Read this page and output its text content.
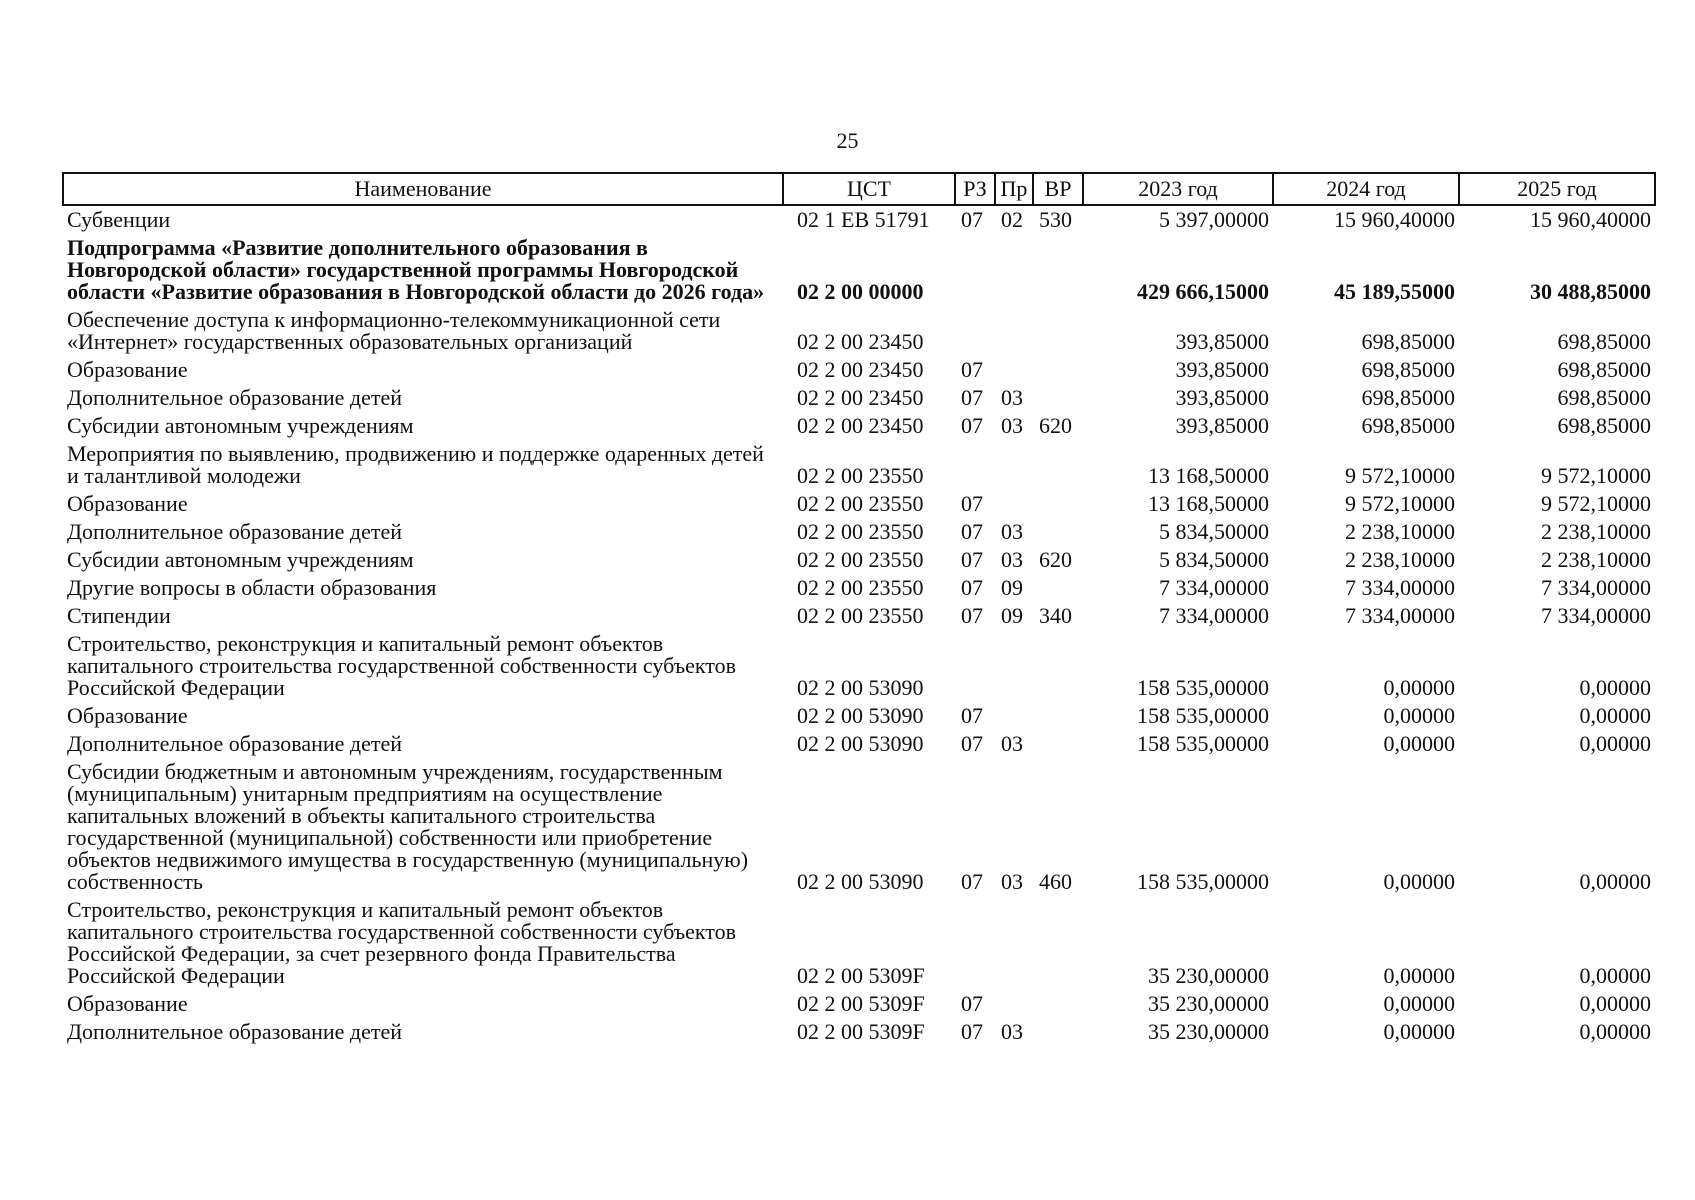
25
Наименование	ЦСТ	РЗ	Пр	ВР	2023 год	2024 год	2025 год
Субвенции	02 1 ЕВ 51791	07	02	530	5 397,00000	15 960,40000	15 960,40000
Подпрограмма «Развитие дополнительного образования в Новгородской области» государственной программы Новгородской области «Развитие образования в Новгородской области до 2026 года»	02 2 00 00000				429 666,15000	45 189,55000	30 488,85000
Обеспечение доступа к информационно-телекоммуникационной сети «Интернет» государственных образовательных организаций	02 2 00 23450				393,85000	698,85000	698,85000
Образование	02 2 00 23450	07			393,85000	698,85000	698,85000
Дополнительное образование детей	02 2 00 23450	07	03		393,85000	698,85000	698,85000
Субсидии автономным учреждениям	02 2 00 23450	07	03	620	393,85000	698,85000	698,85000
Мероприятия по выявлению, продвижению и поддержке одаренных детей и талантливой молодежи	02 2 00 23550				13 168,50000	9 572,10000	9 572,10000
Образование	02 2 00 23550	07			13 168,50000	9 572,10000	9 572,10000
Дополнительное образование детей	02 2 00 23550	07	03		5 834,50000	2 238,10000	2 238,10000
Субсидии автономным учреждениям	02 2 00 23550	07	03	620	5 834,50000	2 238,10000	2 238,10000
Другие вопросы в области образования	02 2 00 23550	07	09		7 334,00000	7 334,00000	7 334,00000
Стипендии	02 2 00 23550	07	09	340	7 334,00000	7 334,00000	7 334,00000
Строительство, реконструкция и капитальный ремонт объектов капитального строительства государственной собственности субъектов Российской Федерации	02 2 00 53090				158 535,00000	0,00000	0,00000
Образование	02 2 00 53090	07			158 535,00000	0,00000	0,00000
Дополнительное образование детей	02 2 00 53090	07	03		158 535,00000	0,00000	0,00000
Субсидии бюджетным и автономным учреждениям, государственным (муниципальным) унитарным предприятиям на осуществление капитальных вложений в объекты капитального строительства государственной (муниципальной) собственности или приобретение объектов недвижимого имущества в государственную (муниципальную) собственность	02 2 00 53090	07	03	460	158 535,00000	0,00000	0,00000
Строительство, реконструкция и капитальный ремонт объектов капитального строительства государственной собственности субъектов Российской Федерации, за счет резервного фонда Правительства Российской Федерации	02 2 00 5309F				35 230,00000	0,00000	0,00000
Образование	02 2 00 5309F	07			35 230,00000	0,00000	0,00000
Дополнительное образование детей	02 2 00 5309F	07	03		35 230,00000	0,00000	0,00000
